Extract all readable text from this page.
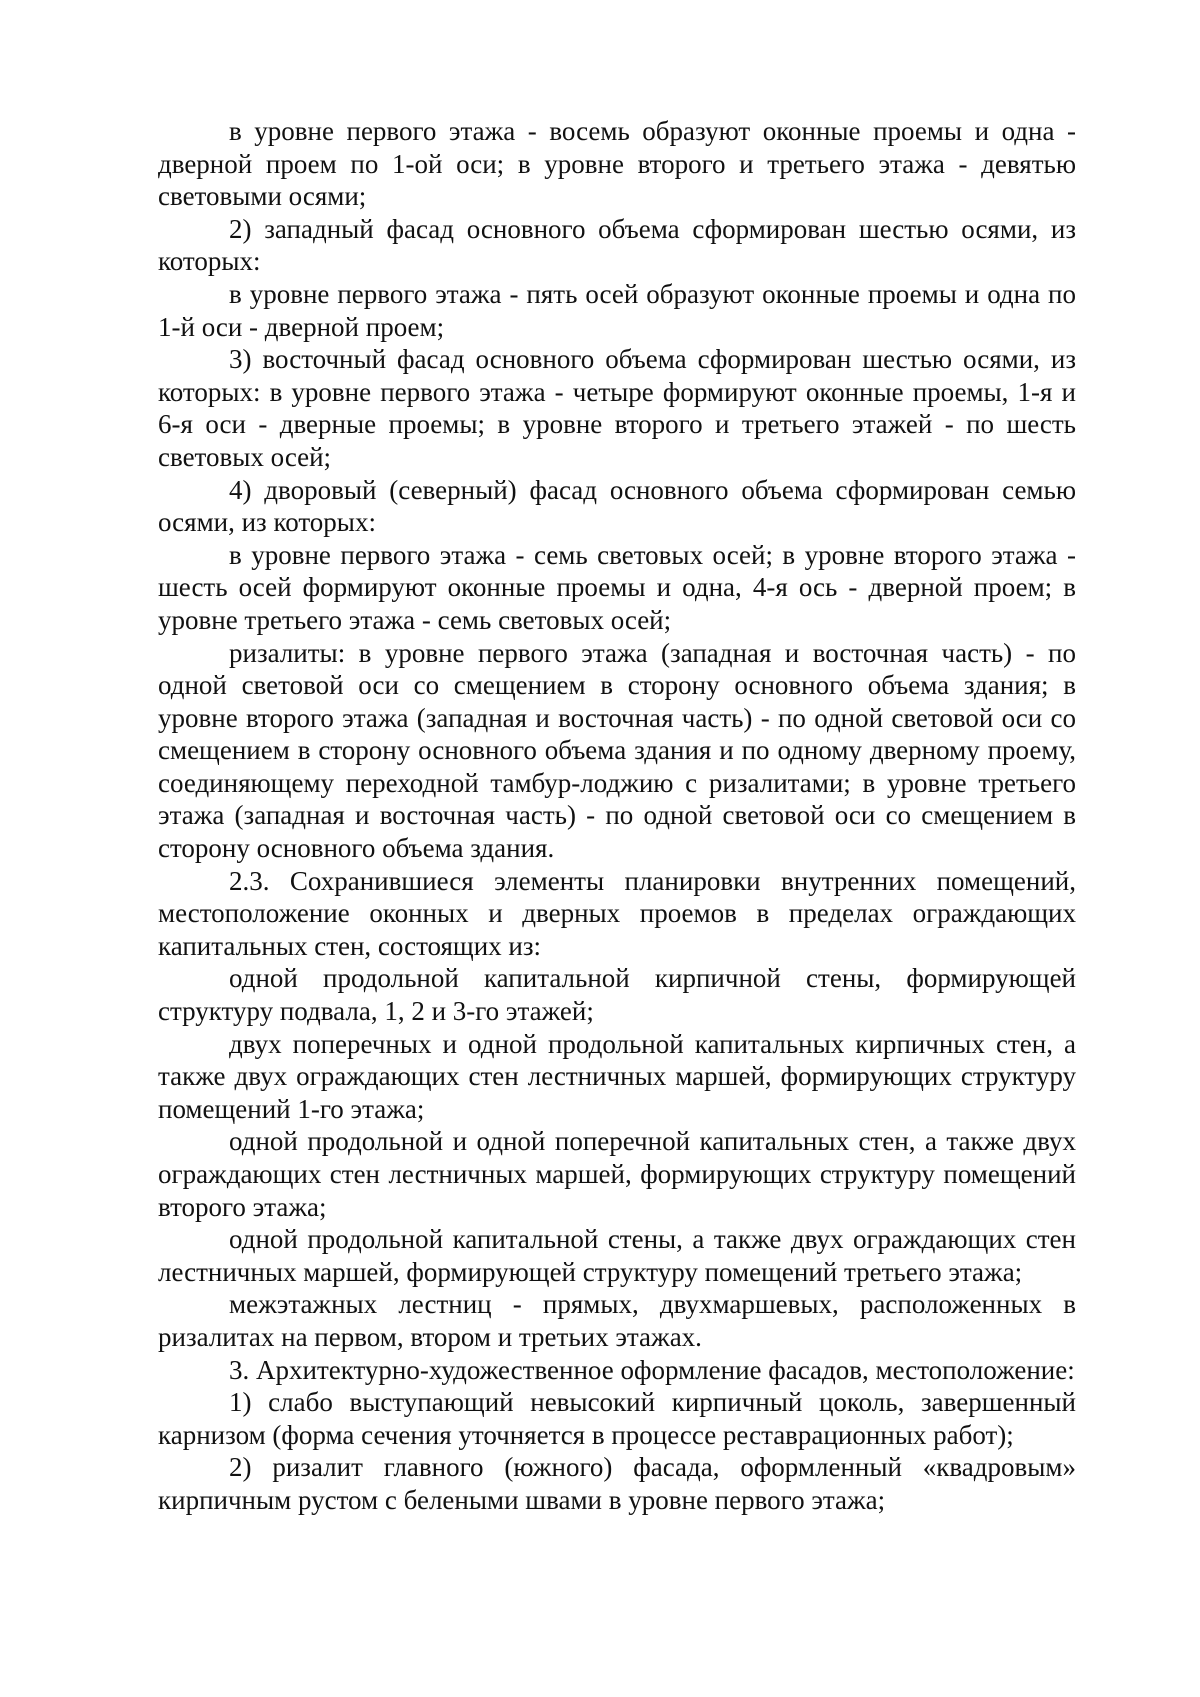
в уровне первого этажа - восемь образуют оконные проемы и одна - дверной проем по 1-ой оси; в уровне второго и третьего этажа - девятью световыми осями;

2) западный фасад основного объема сформирован шестью осями, из которых:

в уровне первого этажа - пять осей образуют оконные проемы и одна по 1-й оси - дверной проем;

3) восточный фасад основного объема сформирован шестью осями, из которых: в уровне первого этажа - четыре формируют оконные проемы, 1-я и 6-я оси - дверные проемы; в уровне второго и третьего этажей - по шесть световых осей;

4) дворовый (северный) фасад основного объема сформирован семью осями, из которых:

в уровне первого этажа - семь световых осей; в уровне второго этажа - шесть осей формируют оконные проемы и одна, 4-я ось - дверной проем; в уровне третьего этажа - семь световых осей;

ризалиты: в уровне первого этажа (западная и восточная часть) - по одной световой оси со смещением в сторону основного объема здания; в уровне второго этажа (западная и восточная часть) - по одной световой оси со смещением в сторону основного объема здания и по одному дверному проему, соединяющему переходной тамбур-лоджию с ризалитами; в уровне третьего этажа (западная и восточная часть) - по одной световой оси со смещением в сторону основного объема здания.

2.3. Сохранившиеся элементы планировки внутренних помещений, местоположение оконных и дверных проемов в пределах ограждающих капитальных стен, состоящих из:

одной продольной капитальной кирпичной стены, формирующей структуру подвала, 1, 2 и 3-го этажей;

двух поперечных и одной продольной капитальных кирпичных стен, а также двух ограждающих стен лестничных маршей, формирующих структуру помещений 1-го этажа;

одной продольной и одной поперечной капитальных стен, а также двух ограждающих стен лестничных маршей, формирующих структуру помещений второго этажа;

одной продольной капитальной стены, а также двух ограждающих стен лестничных маршей, формирующей структуру помещений третьего этажа;

межэтажных лестниц - прямых, двухмаршевых, расположенных в ризалитах на первом, втором и третьих этажах.

3. Архитектурно-художественное оформление фасадов, местоположение:

1) слабо выступающий невысокий кирпичный цоколь, завершенный карнизом (форма сечения уточняется в процессе реставрационных работ);

2) ризалит главного (южного) фасада, оформленный «квадровым» кирпичным рустом с белеными швами в уровне первого этажа;
